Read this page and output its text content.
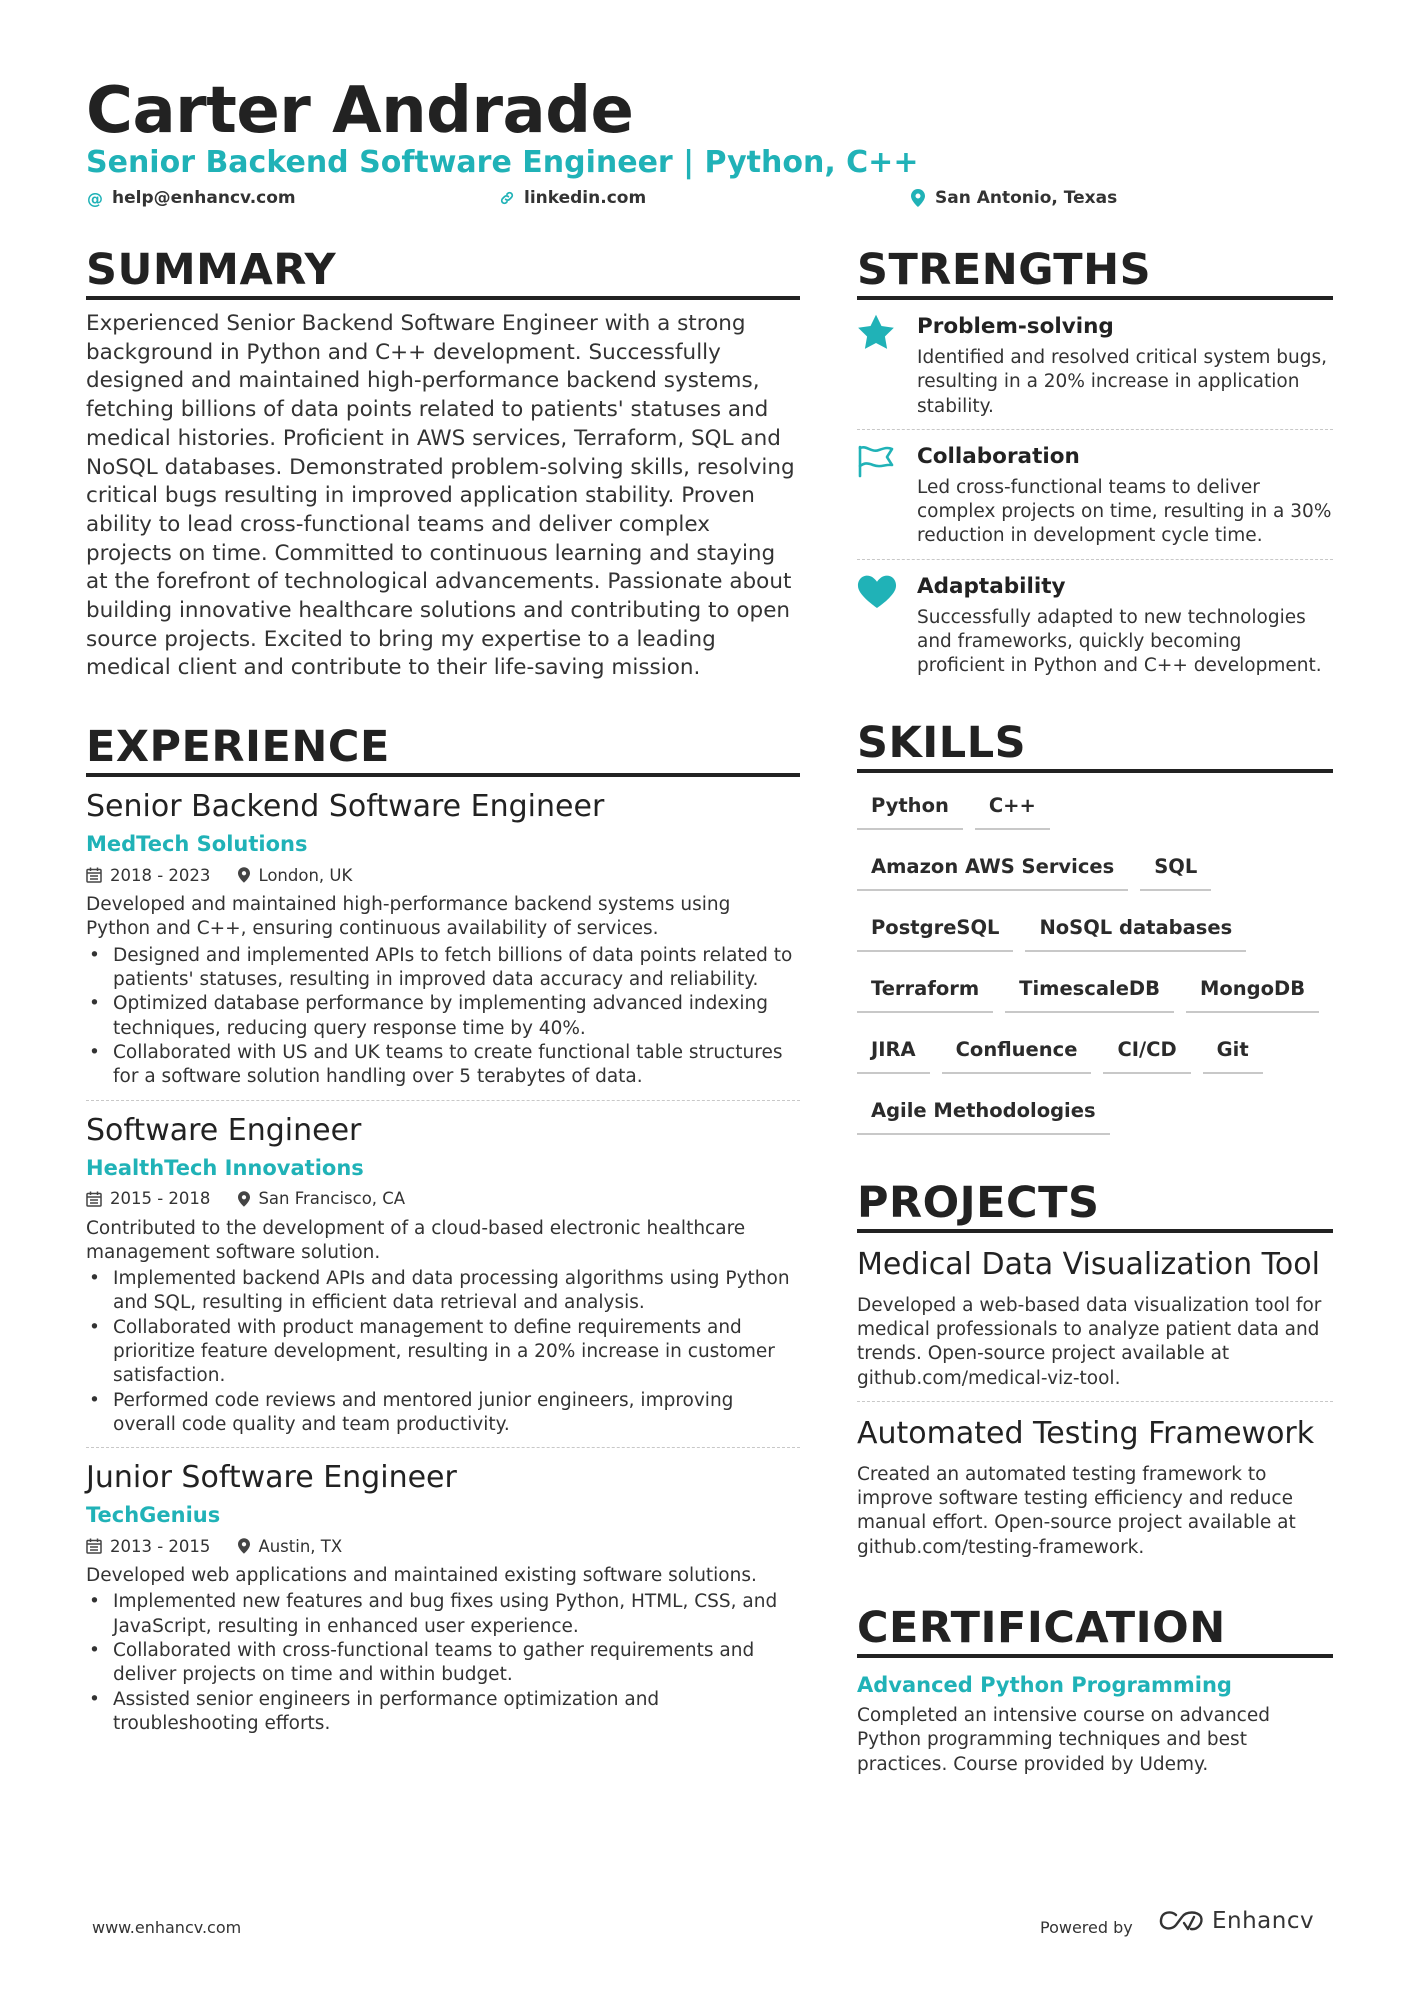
Carter Andrade
Senior Backend Software Engineer | Python, C++
@ help@enhancv.com	linkedin.com	San Antonio, Texas
SUMMARY

Experienced Senior Backend Software Engineer with a strong background in Python and C++ development. Successfully designed and maintained high-performance backend systems, fetching billions of data points related to patients' statuses and medical histories. Proficient in AWS services, Terraform, SQL and NoSQL databases. Demonstrated problem-solving skills, resolving critical bugs resulting in improved application stability. Proven ability to lead cross-functional teams and deliver complex projects on time. Committed to continuous learning and staying at the forefront of technological advancements. Passionate about building innovative healthcare solutions and contributing to open source projects. Excited to bring my expertise to a leading medical client and contribute to their life-saving mission.

EXPERIENCE
Senior Backend Software Engineer
MedTech Solutions
2018 - 2023	London, UK

Developed and maintained high-performance backend systems using Python and C++, ensuring continuous availability of services.

• Designed and implemented APIs to fetch billions of data points related to patients' statuses, resulting in improved data accuracy and reliability.
• Optimized database performance by implementing advanced indexing techniques, reducing query response time by 40%.
• Collaborated with US and UK teams to create functional table structures for a software solution handling over 5 terabytes of data.
Software Engineer
HealthTech Innovations
2015 - 2018	San Francisco, CA

Contributed to the development of a cloud-based electronic healthcare management software solution.

• Implemented backend APIs and data processing algorithms using Python and SQL, resulting in efficient data retrieval and analysis.
• Collaborated with product management to define requirements and prioritize feature development, resulting in a 20% increase in customer satisfaction.
• Performed code reviews and mentored junior engineers, improving overall code quality and team productivity.
Junior Software Engineer
TechGenius
2013 - 2015	Austin, TX

Developed web applications and maintained existing software solutions.

• Implemented new features and bug fixes using Python, HTML, CSS, and JavaScript, resulting in enhanced user experience.
• Collaborated with cross-functional teams to gather requirements and deliver projects on time and within budget.
• Assisted senior engineers in performance optimization and troubleshooting efforts.
STRENGTHS
Problem-solving

Identified and resolved critical system bugs, resulting in a 20% increase in application stability.

Collaboration

Led cross-functional teams to deliver complex projects on time, resulting in a 30% reduction in development cycle time.

Adaptability

Successfully adapted to new technologies and frameworks, quickly becoming proficient in Python and C++ development.

SKILLS
Python	C++
Amazon AWS Services	SQL
PostgreSQL	NoSQL databases
Terraform	TimescaleDB	MongoDB
JIRA	Confluence	CI/CD	Git
Agile Methodologies
PROJECTS
Medical Data Visualization Tool

Developed a web-based data visualization tool for medical professionals to analyze patient data and trends. Open-source project available at github.com/medical-viz-tool.

Automated Testing Framework

Created an automated testing framework to improve software testing efficiency and reduce manual effort. Open-source project available at github.com/testing-framework.

CERTIFICATION
Advanced Python Programming

Completed an intensive course on advanced Python programming techniques and best practices. Course provided by Udemy.

www.enhancv.com	Powered by	Enhancv
